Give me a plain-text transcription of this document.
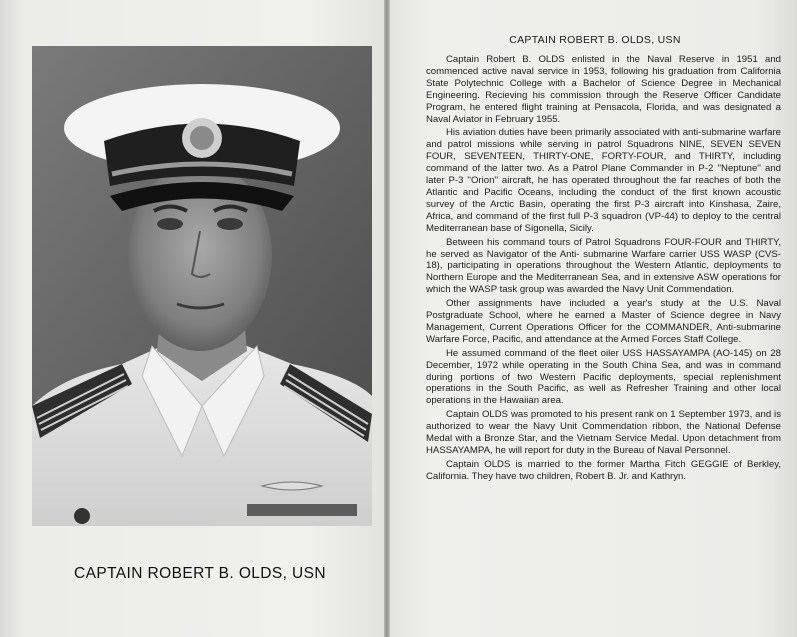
CAPTAIN ROBERT B. OLDS, USN
CAPTAIN ROBERT B. OLDS, USN

Captain Robert B. OLDS enlisted in the Naval Reserve in 1951 and commenced active naval service in 1953, following his graduation from California State Polytechnic College with a Bachelor of Science Degree in Mechanical Engineering. Recieving his commission through the Reserve Officer Candidate Program, he entered flight training at Pensacola, Florida, and was designated a Naval Aviator in February 1955.

His aviation duties have been primarily associated with anti-submarine warfare and patrol missions while serving in patrol Squadrons NINE, SEVEN SEVEN FOUR, SEVENTEEN, THIRTY-ONE, FORTY-FOUR, and THIRTY, including command of the latter two. As a Patrol Plane Commander in P-2 ''Neptune'' and later P-3 ''Orion'' aircraft, he has operated throughout the far reaches of both the Atlantic and Pacific Oceans, including the conduct of the first known acoustic survey of the Arctic Basin, operating the first P-3 aircraft into Kinshasa, Zaire, Africa, and command of the first full P-3 squadron (VP-44) to deploy to the central Mediterranean base of Sigonella, Sicily.

Between his command tours of Patrol Squadrons FOUR-FOUR and THIRTY, he served as Navigator of the Anti- submarine Warfare carrier USS WASP (CVS-18), participating in operations throughout the Western Atlantic, deployments to Northern Europe and the Mediterranean Sea, and in extensive ASW operations for which the WASP task group was awarded the Navy Unit Commendation.

Other assignments have included a year's study at the U.S. Naval Postgraduate School, where he earned a Master of Science degree in Navy Management, Current Operations Officer for the COMMANDER, Anti-submarine Warfare Force, Pacific, and attendance at the Armed Forces Staff College.

He assumed command of the fleet oiler USS HASSAYAMPA (AO-145) on 28 December, 1972 while operating in the South China Sea, and was in command during portions of two Western Pacific deployments, special replenishment operations in the South Pacific, as well as Refresher Training and other local operations in the Hawaiian area.

Captain OLDS was promoted to his present rank on 1 September 1973, and is authorized to wear the Navy Unit Commendation ribbon, the National Defense Medal with a Bronze Star, and the Vietnam Service Medal. Upon detachment from HASSAYAMPA, he will report for duty in the Bureau of Naval Personnel.

Captain OLDS is married to the former Martha Fitch GEGGIE of Berkley, California. They have two children, Robert B. Jr. and Kathryn.
